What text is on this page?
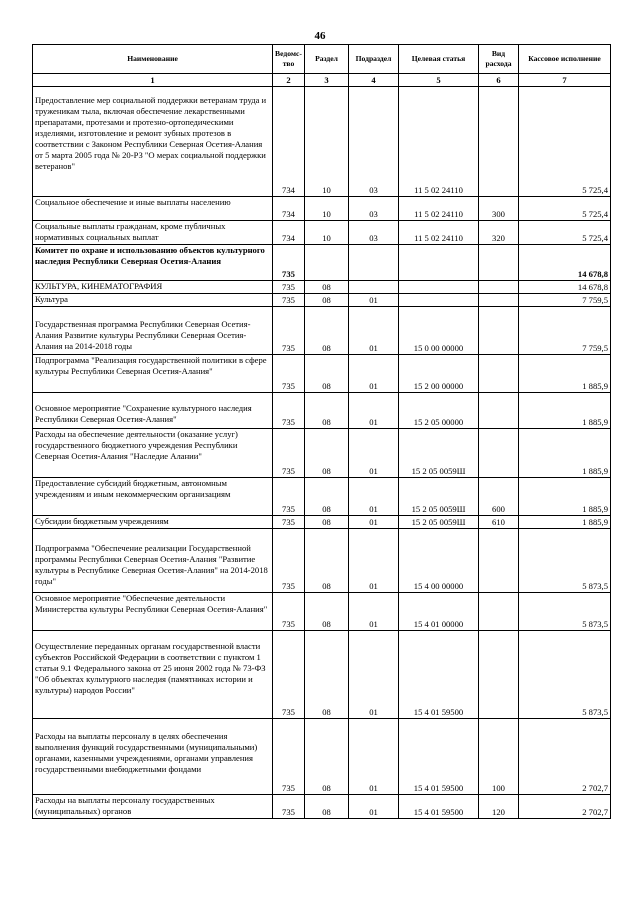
46
Наименование	Ведомс-тво	Раздел	Подраздел	Целевая статья	Вид расхода	Кассовое исполнение
1	2	3	4	5	6	7
Предоставление мер социальной поддержки ветеранам труда и труженикам тыла, включая обеспечение лекарственными препаратами, протезами и протезно-ортопедическими изделиями, изготовление и ремонт зубных протезов в соответствии с Законом Республики Северная Осетия-Алания от 5 марта 2005 года № 20-РЗ "О мерах социальной поддержки ветеранов"	734	10	03	11 5 02 24110		5 725,4
Социальное обеспечение и иные выплаты населению	734	10	03	11 5 02 24110	300	5 725,4
Социальные выплаты гражданам, кроме публичных нормативных социальных выплат	734	10	03	11 5 02 24110	320	5 725,4
Комитет по охране и использованию объектов культурного наследия Республики Северная Осетия-Алания	735					14 678,8
КУЛЬТУРА, КИНЕМАТОГРАФИЯ	735	08				14 678,8
Культура	735	08	01			7 759,5
Государственная программа Республики Северная Осетия-Алания Развитие культуры Республики Северная Осетия-Алания на 2014-2018 годы	735	08	01	15 0 00 00000		7 759,5
Подпрограмма "Реализация государственной политики в сфере культуры Республики Северная Осетия-Алания"	735	08	01	15 2 00 00000		1 885,9
Основное мероприятие "Сохранение культурного наследия Республики Северная Осетия-Алания"	735	08	01	15 2 05 00000		1 885,9
Расходы на обеспечение деятельности (оказание услуг) государственного бюджетного учреждения Республики Северная Осетия-Алания "Наследие Алании"	735	08	01	15 2 05 0059Ш		1 885,9
Предоставление субсидий бюджетным, автономным учреждениям и иным некоммерческим организациям	735	08	01	15 2 05 0059Ш	600	1 885,9
Субсидии бюджетным учреждениям	735	08	01	15 2 05 0059Ш	610	1 885,9
Подпрограмма "Обеспечение реализации Государственной программы Республики Северная Осетия-Алания "Развитие культуры в Республике Северная Осетия-Алания" на 2014-2018 годы"	735	08	01	15 4 00 00000		5 873,5
Основное мероприятие "Обеспечение деятельности Министерства культуры Республики Северная Осетия-Алания"	735	08	01	15 4 01 00000		5 873,5
Осуществление переданных органам государственной власти субъектов Российской Федерации в соответствии с пунктом 1 статьи 9.1 Федерального закона от 25 июня 2002 года № 73-ФЗ "Об объектах культурного наследия (памятниках истории и культуры) народов России"	735	08	01	15 4 01 59500		5 873,5
Расходы на выплаты персоналу в целях обеспечения выполнения функций государственными (муниципальными) органами, казенными учреждениями, органами управления государственными внебюджетными фондами	735	08	01	15 4 01 59500	100	2 702,7
Расходы на выплаты персоналу государственных (муниципальных) органов	735	08	01	15 4 01 59500	120	2 702,7
